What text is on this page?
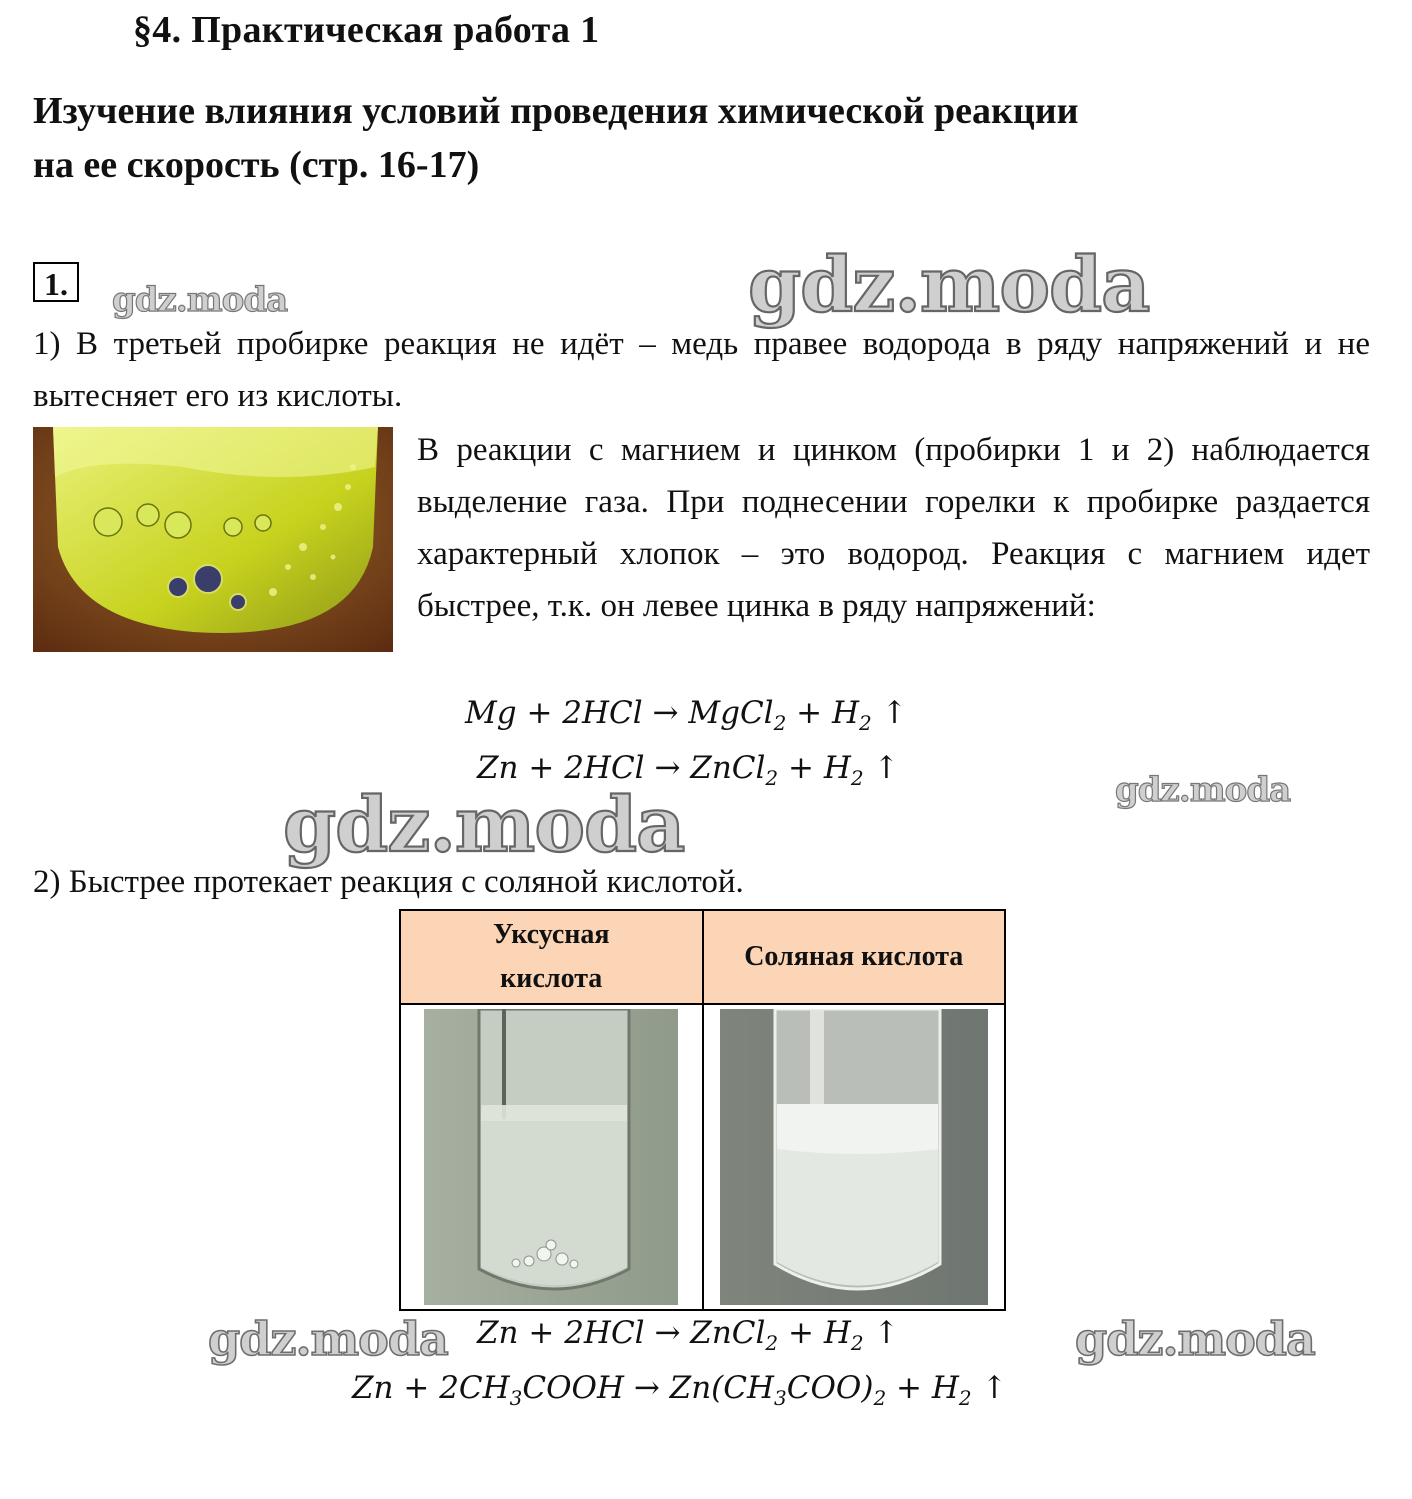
§4. Практическая работа 1
Изучение влияния условий проведения химической реакции
на ее скорость (стр. 16-17)
1.	gdz.moda	gdz.moda
gdz.moda
gdz.moda
gdz.moda	gdz.moda
1) В третьей пробирке реакция не идёт – медь правее водорода в ряду напряжений и не вытесняет его из кислоты.
В реакции с магнием и цинком (пробирки 1 и 2) наблюдается выделение газа. При поднесении горелки к пробирке раздается характерный хлопок – это водород. Реакция с магнием идет быстрее, т.к. он левее цинка в ряду напряжений:
Mg + 2HCl → MgCl$_2$ + $H_2$ ↑
Zn + 2HCl → ZnCl$_2$ + $H_2$ ↑
2) Быстрее протекает реакция с соляной кислотой.
Уксусная
кислота	Соляная кислота

Zn + 2HCl → ZnCl$_2$ + $H_2$ ↑
$Zn + 2CH_3COOH \to Zn(CH_3COO)_2 + H_2$ ↑
